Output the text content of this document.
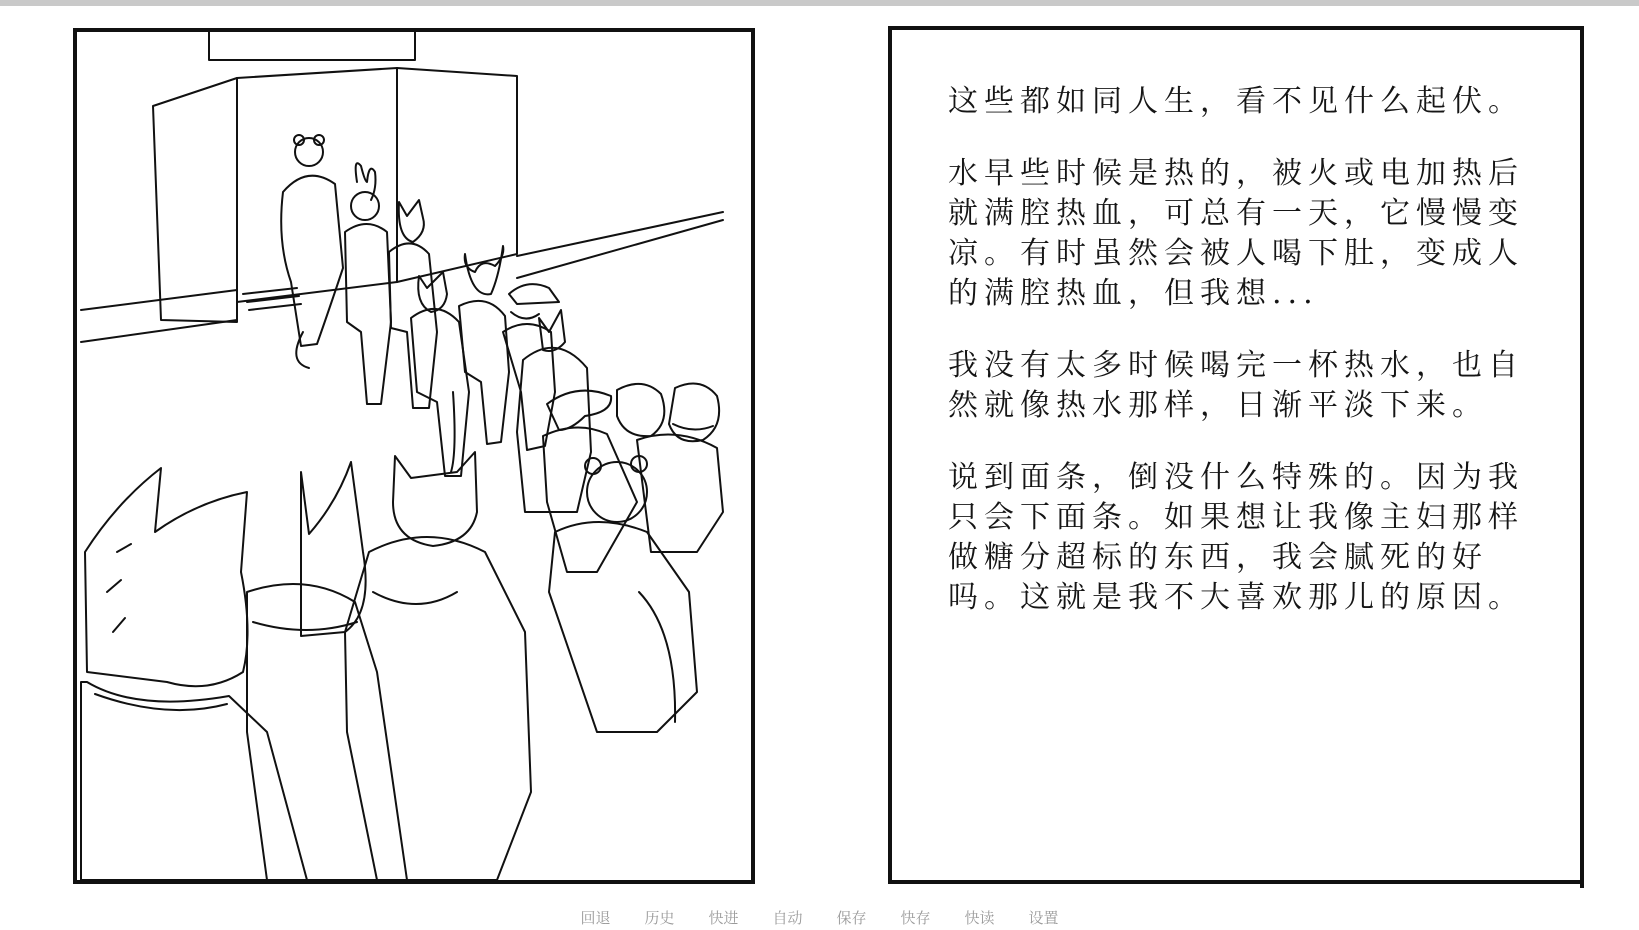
这些都如同人生，看不见什么起伏。

水早些时候是热的，被火或电加热后就满腔热血，可总有一天，它慢慢变凉。有时虽然会被人喝下肚，变成人的满腔热血，但我想...

我没有太多时候喝完一杯热水，也自然就像热水那样，日渐平淡下来。

说到面条，倒没什么特殊的。因为我只会下面条。如果想让我像主妇那样做糖分超标的东西，我会腻死的好吗。这就是我不大喜欢那儿的原因。

回退 历史 快进 自动 保存 快存 快读 设置
